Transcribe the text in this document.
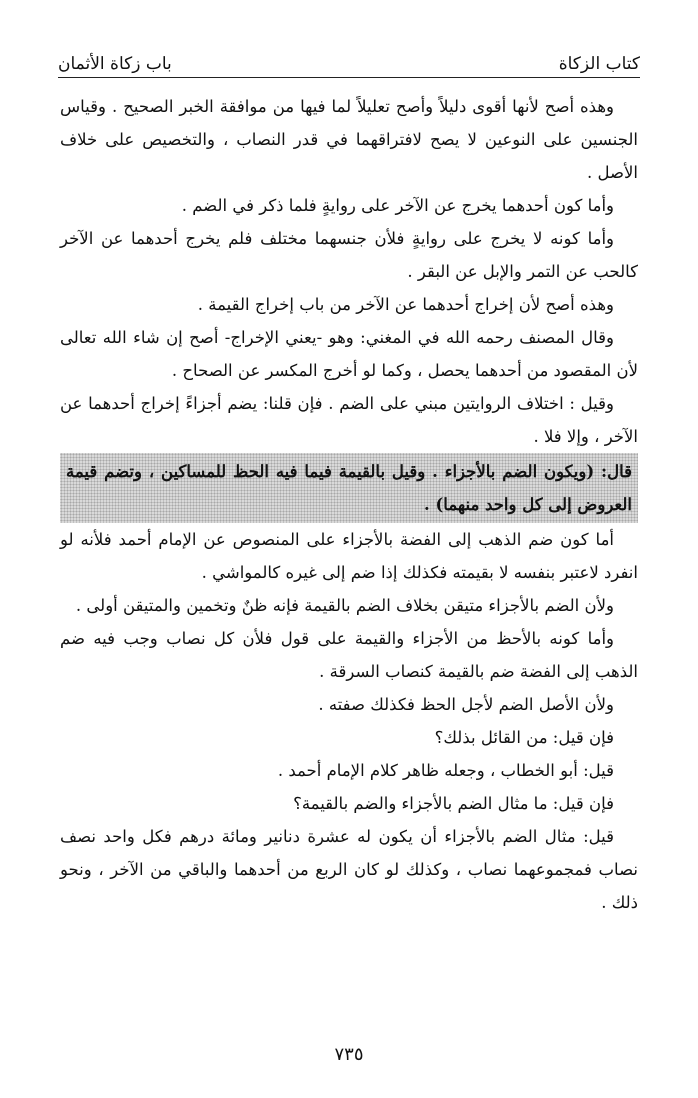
كتاب الزكاة
باب زكاة الأثمان

وهذه أصح لأنها أقوى دليلاً وأصح تعليلاً لما فيها من موافقة الخبر الصحيح . وقياس الجنسين على النوعين لا يصح لافتراقهما في قدر النصاب ، والتخصيص على خلاف الأصل .

وأما كون أحدهما يخرج عن الآخر على روايةٍ فلما ذكر في الضم .

وأما كونه لا يخرج على روايةٍ فلأن جنسهما مختلف فلم يخرج أحدهما عن الآخر كالحب عن التمر والإبل عن البقر .

وهذه أصح لأن إخراج أحدهما عن الآخر من باب إخراج القيمة .

وقال المصنف رحمه الله في المغني: وهو -يعني الإخراج- أصح إن شاء الله تعالى لأن المقصود من أحدهما يحصل ، وكما لو أخرج المكسر عن الصحاح .

وقيل : اختلاف الروايتين مبني على الضم . فإن قلنا: يضم أجزاءً إخراج أحدهما عن الآخر ، وإلا فلا .

قال: (ويكون الضم بالأجزاء . وقيل بالقيمة فيما فيه الحظ للمساكين ، وتضم قيمة العروض إلى كل واحد منهما) .

أما كون ضم الذهب إلى الفضة بالأجزاء على المنصوص عن الإمام أحمد فلأنه لو انفرد لاعتبر بنفسه لا بقيمته فكذلك إذا ضم إلى غيره كالمواشي .

ولأن الضم بالأجزاء متيقن بخلاف الضم بالقيمة فإنه ظنٌ وتخمين والمتيقن أولى .

وأما كونه بالأحظ من الأجزاء والقيمة على قول فلأن كل نصاب وجب فيه ضم الذهب إلى الفضة ضم بالقيمة كنصاب السرقة .

ولأن الأصل الضم لأجل الحظ فكذلك صفته .

فإن قيل: من القائل بذلك؟

قيل: أبو الخطاب ، وجعله ظاهر كلام الإمام أحمد .

فإن قيل: ما مثال الضم بالأجزاء والضم بالقيمة؟

قيل: مثال الضم بالأجزاء أن يكون له عشرة دنانير ومائة درهم فكل واحد نصف نصاب فمجموعهما نصاب ، وكذلك لو كان الربع من أحدهما والباقي من الآخر ، ونحو ذلك .

٧٣٥
